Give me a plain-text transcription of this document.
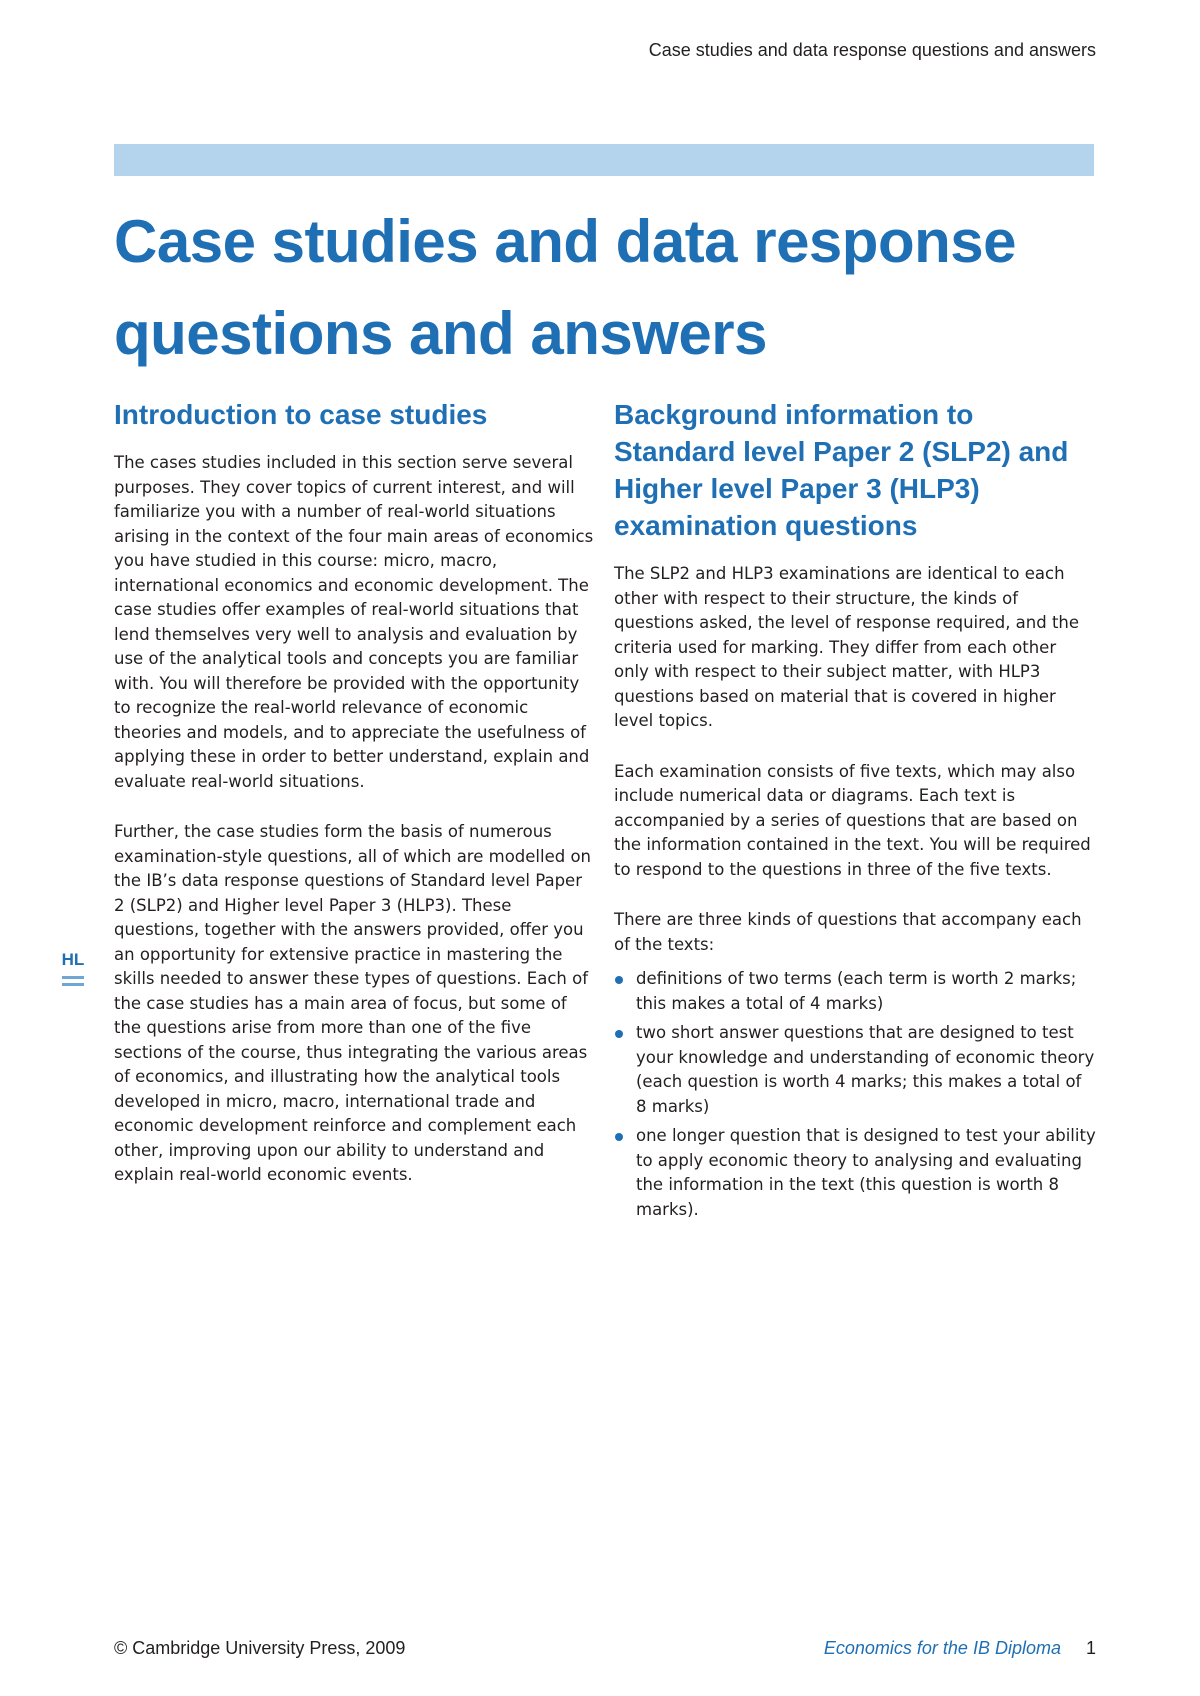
Case studies and data response questions and answers
Case studies and data response questions and answers
Introduction to case studies

The cases studies included in this section serve several purposes. They cover topics of current interest, and will familiarize you with a number of real-world situations arising in the context of the four main areas of economics you have studied in this course: micro, macro, international economics and economic development. The case studies offer examples of real-world situations that lend themselves very well to analysis and evaluation by use of the analytical tools and concepts you are familiar with. You will therefore be provided with the opportunity to recognize the real-world relevance of economic theories and models, and to appreciate the usefulness of applying these in order to better understand, explain and evaluate real-world situations.

Further, the case studies form the basis of numerous examination-style questions, all of which are modelled on the IB’s data response questions of Standard level Paper 2 (SLP2) and Higher level Paper 3 (HLP3). These questions, together with the answers provided, offer you an opportunity for extensive practice in mastering the skills needed to answer these types of questions. Each of the case studies has a main area of focus, but some of the questions arise from more than one of the five sections of the course, thus integrating the various areas of economics, and illustrating how the analytical tools developed in micro, macro, international trade and economic development reinforce and complement each other, improving upon our ability to understand and explain real-world economic events.

HL
Background information to Standard level Paper 2 (SLP2) and Higher level Paper 3 (HLP3) examination questions

The SLP2 and HLP3 examinations are identical to each other with respect to their structure, the kinds of questions asked, the level of response required, and the criteria used for marking. They differ from each other only with respect to their subject matter, with HLP3 questions based on material that is covered in higher level topics.

Each examination consists of five texts, which may also include numerical data or diagrams. Each text is accompanied by a series of questions that are based on the information contained in the text. You will be required to respond to the questions in three of the five texts.

There are three kinds of questions that accompany each of the texts:

definitions of two terms (each term is worth 2 marks; this makes a total of 4 marks)
two short answer questions that are designed to test your knowledge and understanding of economic theory (each question is worth 4 marks; this makes a total of 8 marks)
one longer question that is designed to test your ability to apply economic theory to analysing and evaluating the information in the text (this question is worth 8 marks).
© Cambridge University Press, 2009	Economics for the IB Diploma 1
